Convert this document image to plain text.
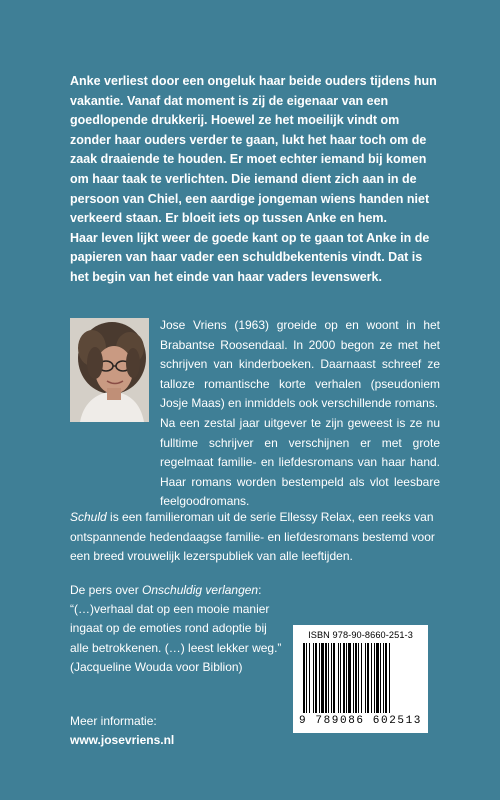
Anke verliest door een ongeluk haar beide ouders tijdens hun vakantie. Vanaf dat moment is zij de eigenaar van een goedlopende drukkerij. Hoewel ze het moeilijk vindt om zonder haar ouders verder te gaan, lukt het haar toch om de zaak draaiende te houden. Er moet echter iemand bij komen om haar taak te verlichten. Die iemand dient zich aan in de persoon van Chiel, een aardige jongeman wiens handen niet verkeerd staan. Er bloeit iets op tussen Anke en hem.

Haar leven lijkt weer de goede kant op te gaan tot Anke in de papieren van haar vader een schuldbekentenis vindt. Dat is het begin van het einde van haar vaders levenswerk.

Jose Vriens (1963) groeide op en woont in het Brabantse Roosendaal. In 2000 begon ze met het schrijven van kinderboeken. Daarnaast schreef ze talloze romantische korte verhalen (pseudoniem Josje Maas) en inmiddels ook verschillende romans.

Na een zestal jaar uitgever te zijn geweest is ze nu fulltime schrijver en verschijnen er met grote regelmaat familie- en liefdesromans van haar hand. Haar romans worden bestempeld als vlot leesbare feelgoodromans.

Schuld is een familieroman uit de serie Ellessy Relax, een reeks van ontspannende hedendaagse familie- en liefdesromans bestemd voor een breed vrouwelijk lezerspubliek van alle leeftijden.

De pers over Onschuldig verlangen:
“(…)verhaal dat op een mooie manier
ingaat op de emoties rond adoptie bij
alle betrokkenen. (…) leest lekker weg.”
(Jacqueline Wouda voor Biblion)
Meer informatie:
www.josevriens.nl
ISBN 978-90-8660-251-3
9 789086 602513
